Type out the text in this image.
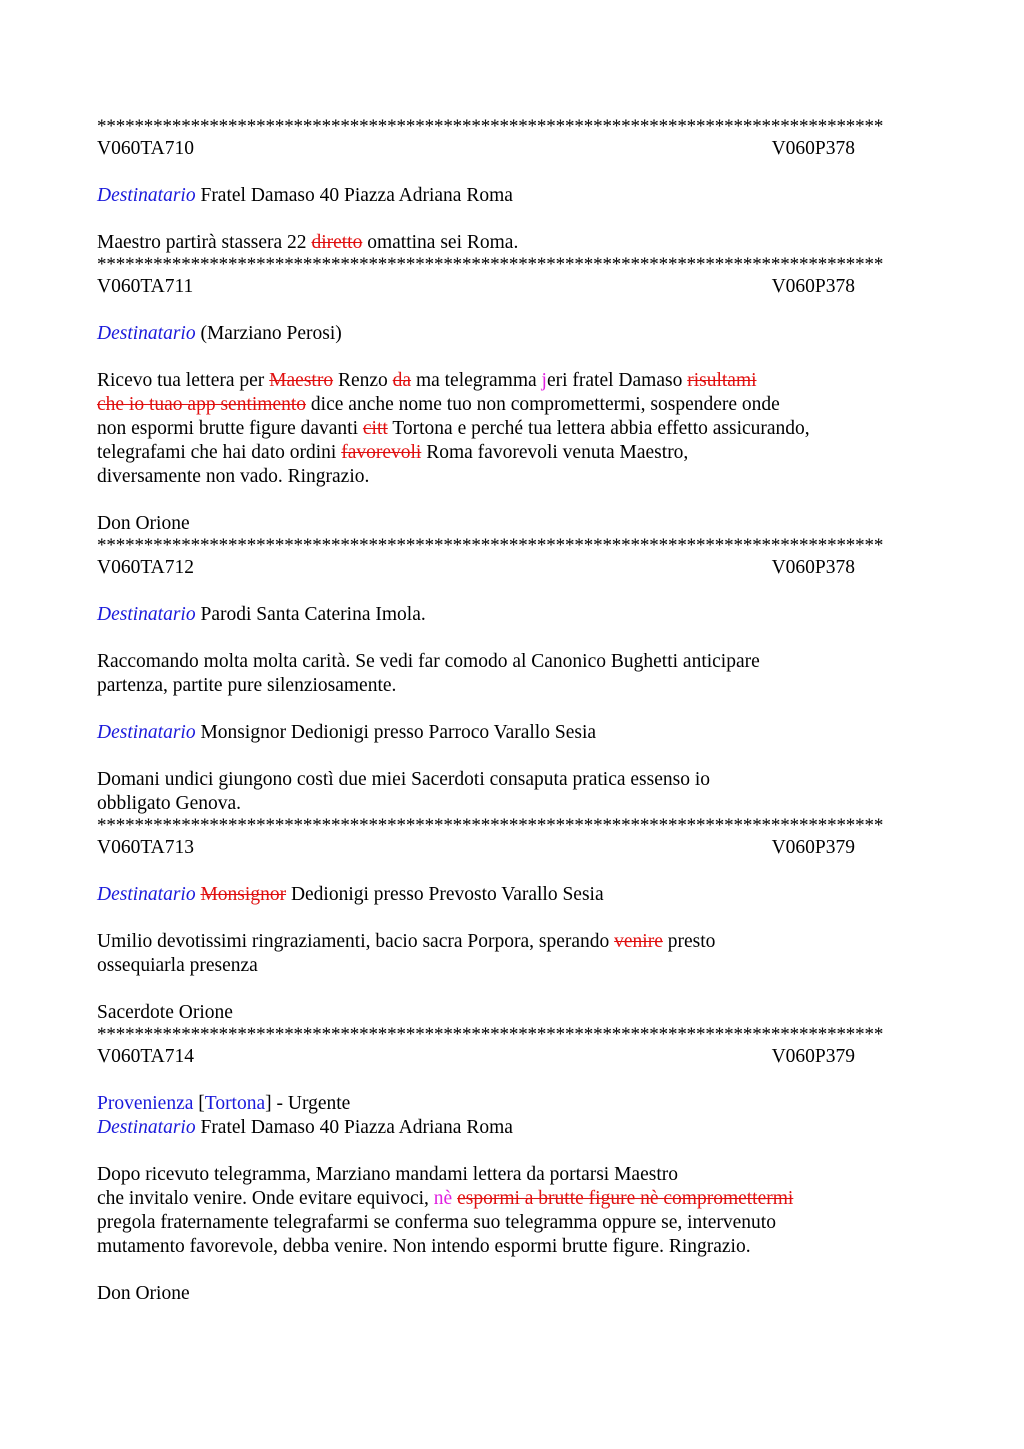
************************************************************************************
V060TA710	V060P378
Destinatario Fratel Damaso 40 Piazza Adriana Roma
Maestro partirà stassera 22 diretto omattina sei Roma.
************************************************************************************
V060TA711	V060P378
Destinatario (Marziano Perosi)
Ricevo tua lettera per Maestro Renzo da ma telegramma jeri fratel Damaso risultami
che io tuao app sentimento dice anche nome tuo non compromettermi, sospendere onde
non espormi brutte figure davanti citt Tortona e perché tua lettera abbia effetto assicurando,
telegrafami che hai dato ordini favorevoli Roma favorevoli venuta Maestro,
diversamente non vado. Ringrazio.
Don Orione
************************************************************************************
V060TA712	V060P378
Destinatario Parodi Santa Caterina Imola.
Raccomando molta molta carità. Se vedi far comodo al Canonico Bughetti anticipare
partenza, partite pure silenziosamente.
Destinatario Monsignor Dedionigi presso Parroco Varallo Sesia
Domani undici giungono costì due miei Sacerdoti consaputa pratica essenso io
obbligato Genova.
************************************************************************************
V060TA713	V060P379
Destinatario Monsignor Dedionigi presso Prevosto Varallo Sesia
Umilio devotissimi ringraziamenti, bacio sacra Porpora, sperando venire presto
ossequiarla presenza
Sacerdote Orione
************************************************************************************
V060TA714	V060P379
Provenienza [Tortona] - Urgente
Destinatario Fratel Damaso 40 Piazza Adriana Roma
Dopo ricevuto telegramma, Marziano mandami lettera da portarsi Maestro
che invitalo venire. Onde evitare equivoci, nè espormi a brutte figure nè compromettermi
pregola fraternamente telegrafarmi se conferma suo telegramma oppure se, intervenuto
mutamento favorevole, debba venire. Non intendo espormi brutte figure. Ringrazio.
Don Orione
